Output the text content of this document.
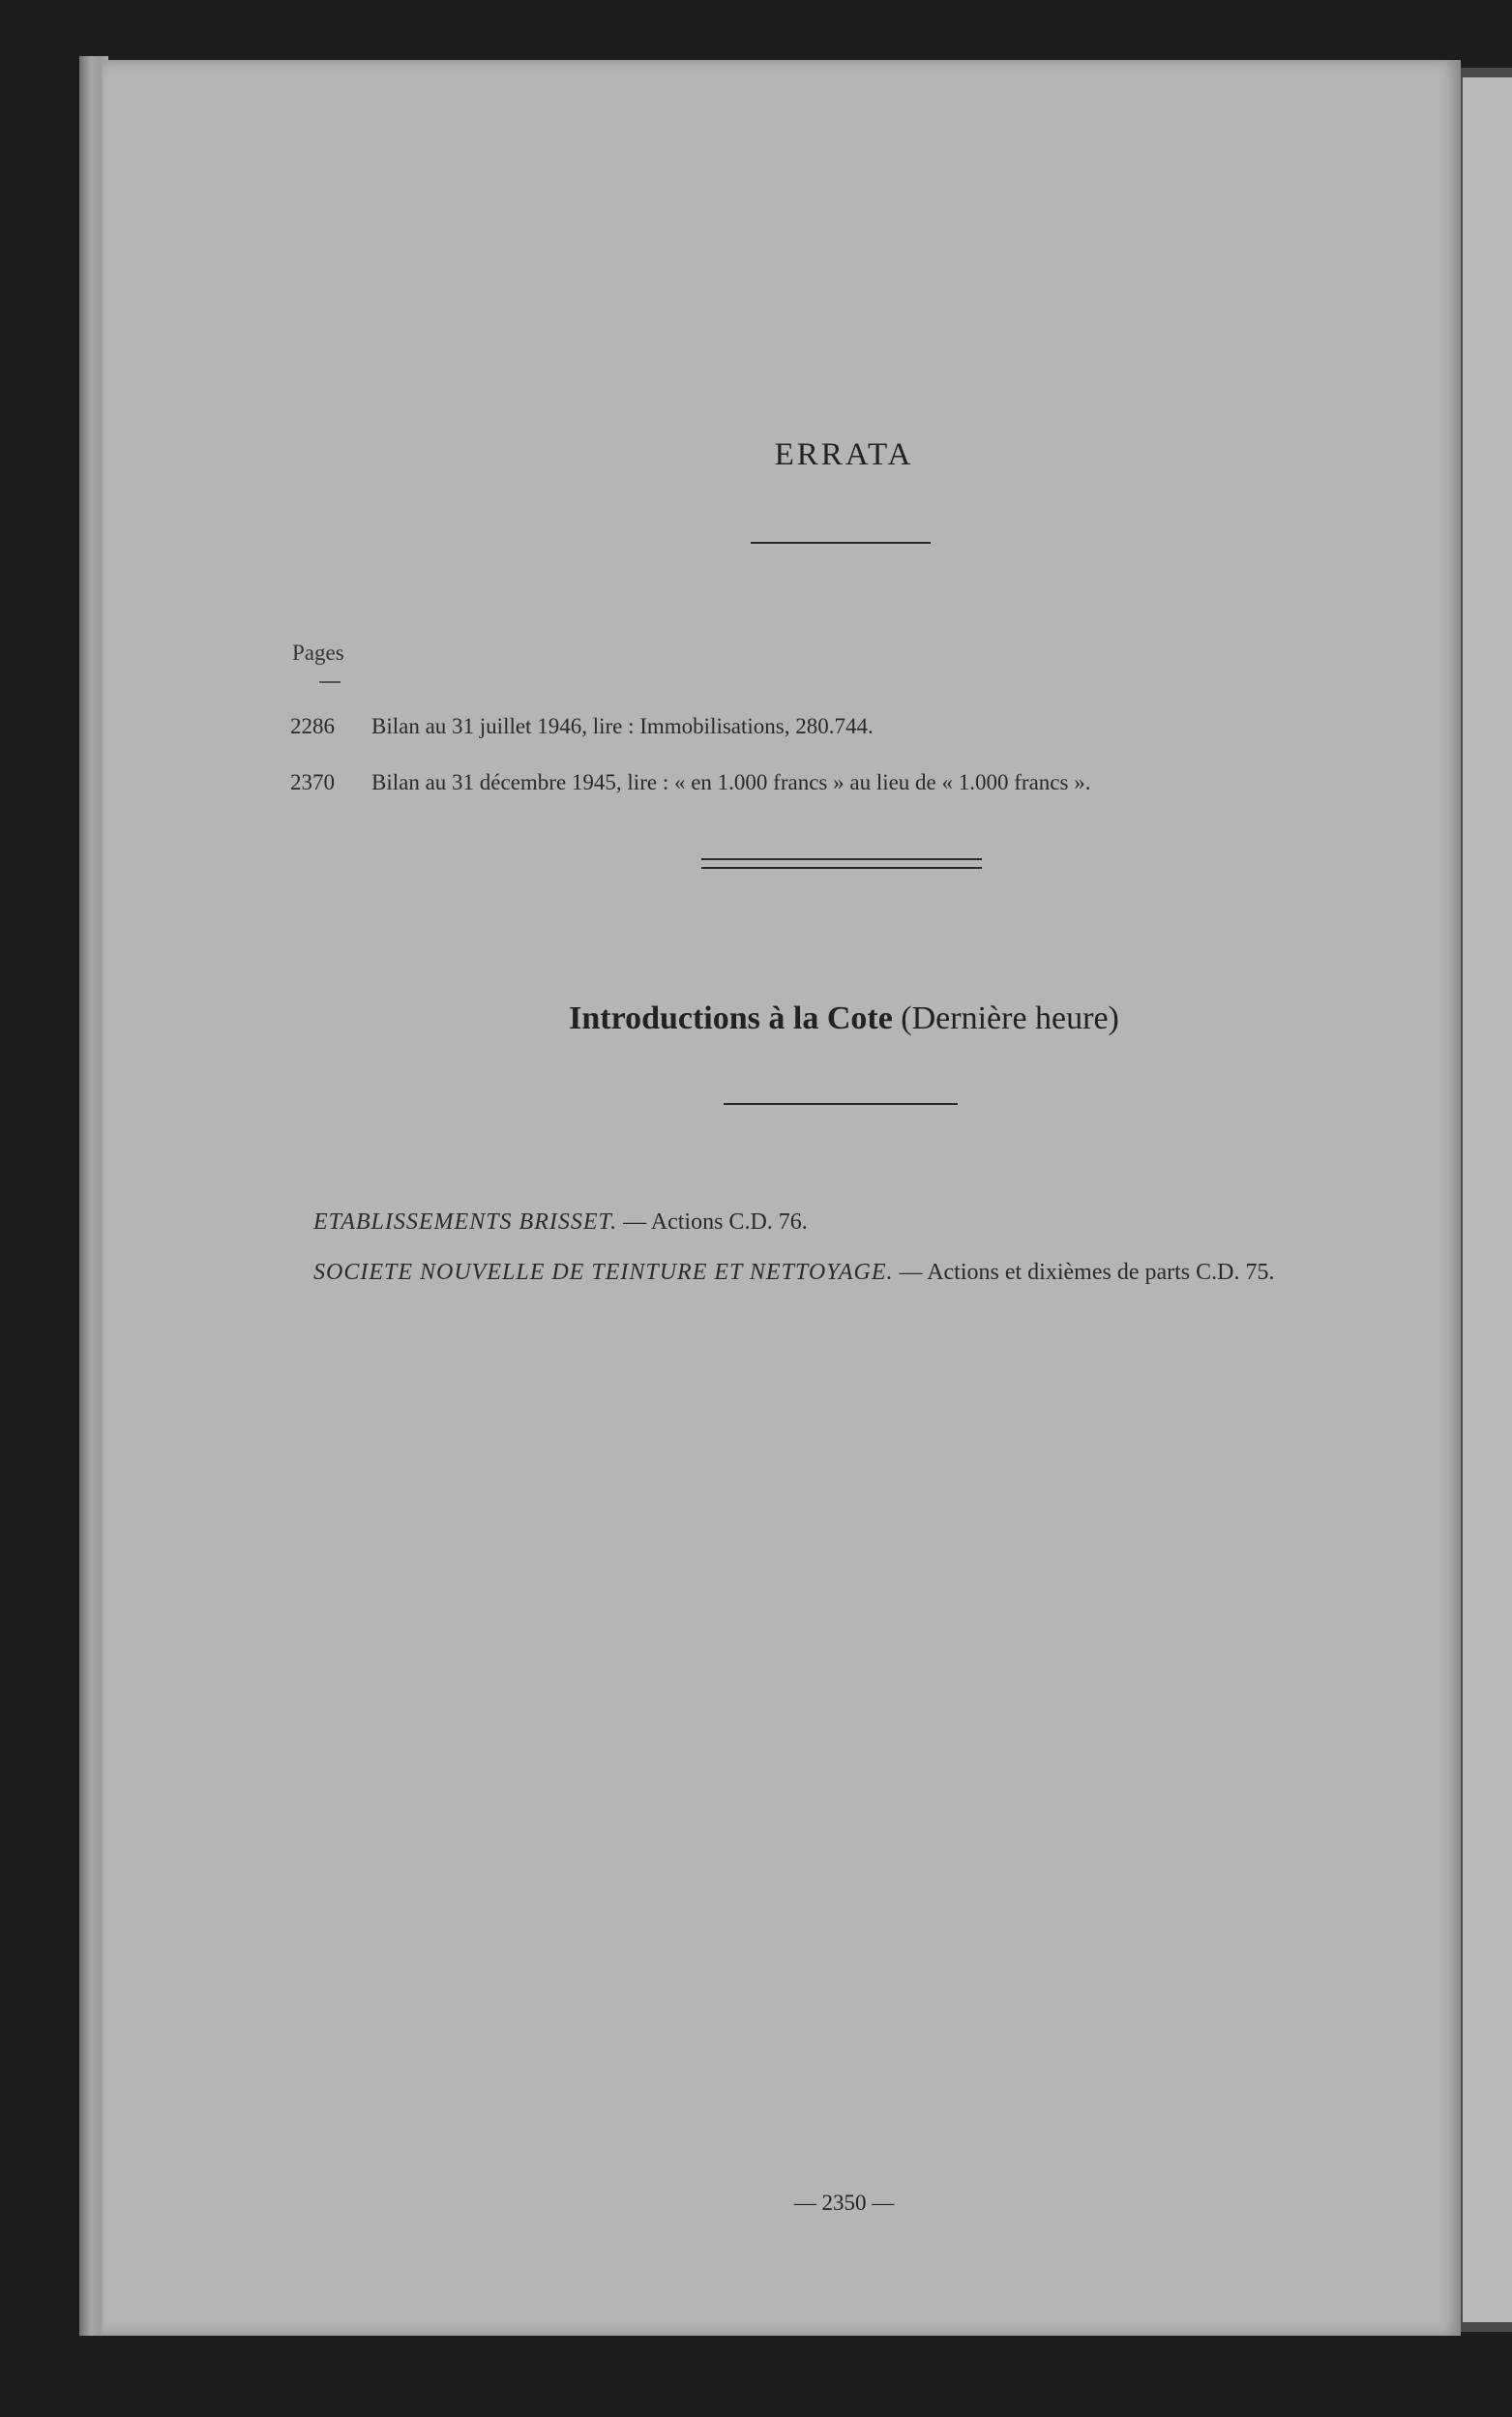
ERRATA
Pages
2286 Bilan au 31 juillet 1946, lire : Immobilisations, 280.744.
2370 Bilan au 31 décembre 1945, lire : « en 1.000 francs » au lieu de « 1.000 francs ».
Introductions à la Cote (Dernière heure)
ETABLISSEMENTS BRISSET. — Actions C.D. 76.
SOCIETE NOUVELLE DE TEINTURE ET NETTOYAGE. — Actions et dixièmes de parts C.D. 75.
— 2350 —
